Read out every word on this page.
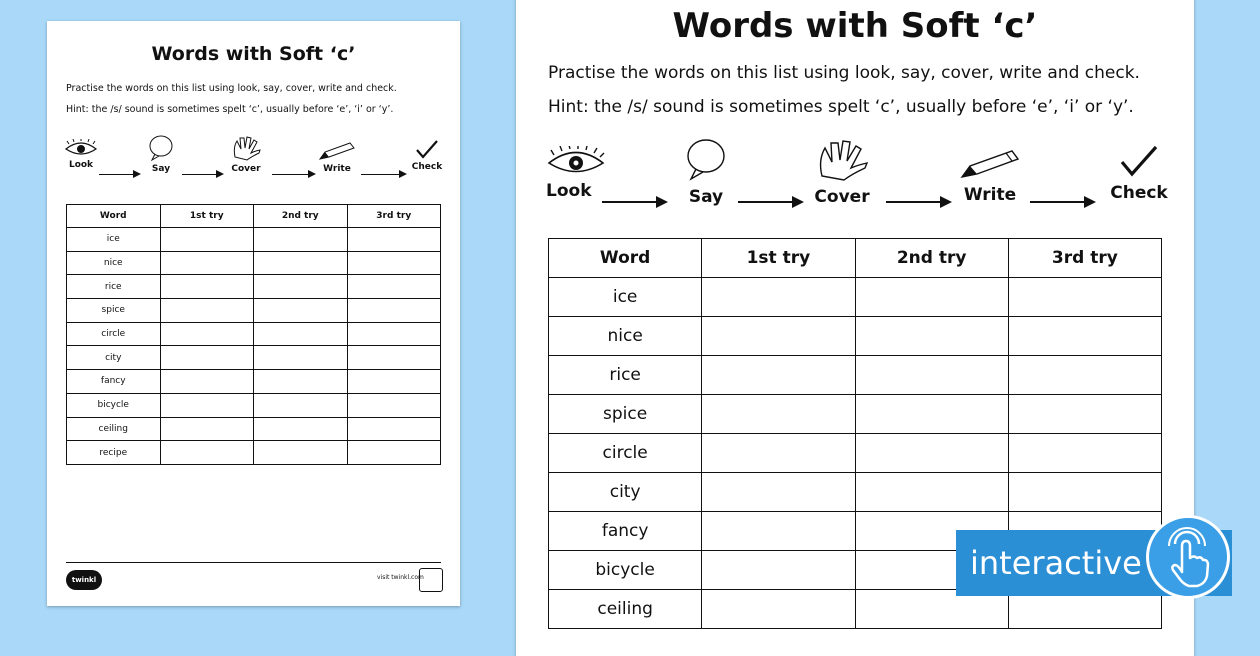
Words with Soft ‘c’
Practise the words on this list using look, say, cover, write and check.
Hint: the /s/ sound is sometimes spelt ‘c’, usually before ‘e’, ‘i’ or ‘y’.
Look	Say	Cover	Write	Check
Word	1st try	2nd try	3rd try
ice			
nice			
rice			
spice			
circle			
city			
fancy			
bicycle			
ceiling			
recipe			
twinkl go!
visit twinkl.com
Words with Soft ‘c’
Practise the words on this list using look, say, cover, write and check.
Hint: the /s/ sound is sometimes spelt ‘c’, usually before ‘e’, ‘i’ or ‘y’.
Look	Say	Cover	Write	Check
Word	1st try	2nd try	3rd try
ice			
nice			
rice			
spice			
circle			
city			
fancy			
bicycle			
ceiling			
interactive
